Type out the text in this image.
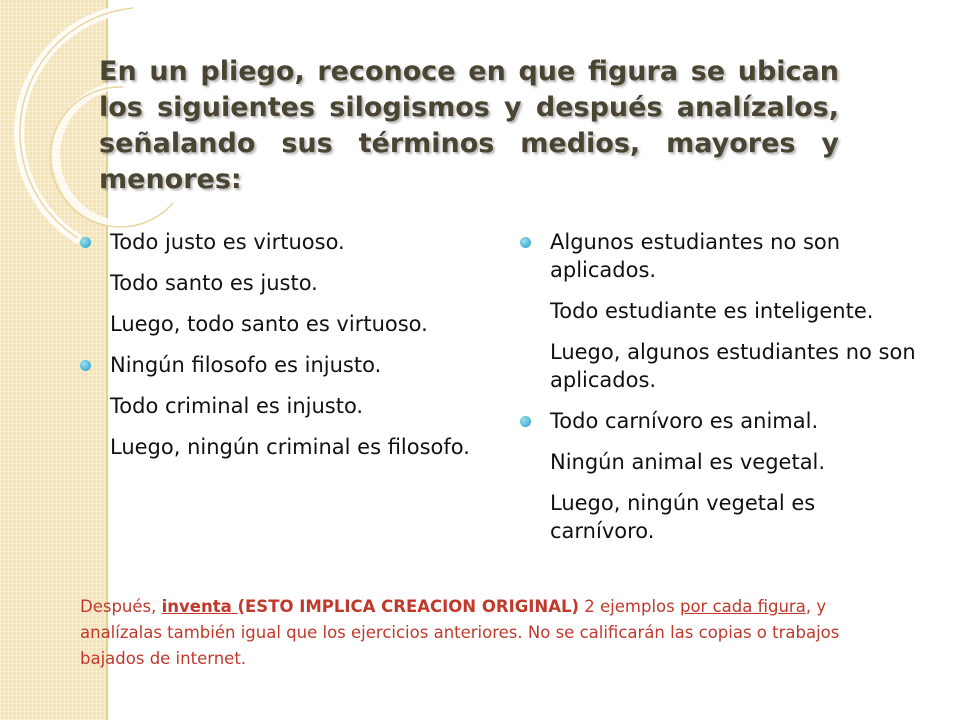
En un pliego, reconoce en que figura se ubican los siguientes silogismos y después analízalos, señalando sus términos medios, mayores y menores:

Todo justo es virtuoso.

Todo santo es justo.

Luego, todo santo es virtuoso.

Ningún filosofo es injusto.

Todo criminal es injusto.

Luego, ningún criminal es filosofo.

Algunos estudiantes no son aplicados.

Todo estudiante es inteligente.

Luego, algunos estudiantes no son aplicados.

Todo carnívoro es animal.

Ningún animal es vegetal.

Luego, ningún vegetal es carnívoro.

Después, inventa (ESTO IMPLICA CREACION ORIGINAL) 2 ejemplos por cada figura, y analízalas también igual que los ejercicios anteriores. No se calificarán las copias o trabajos bajados de internet.
